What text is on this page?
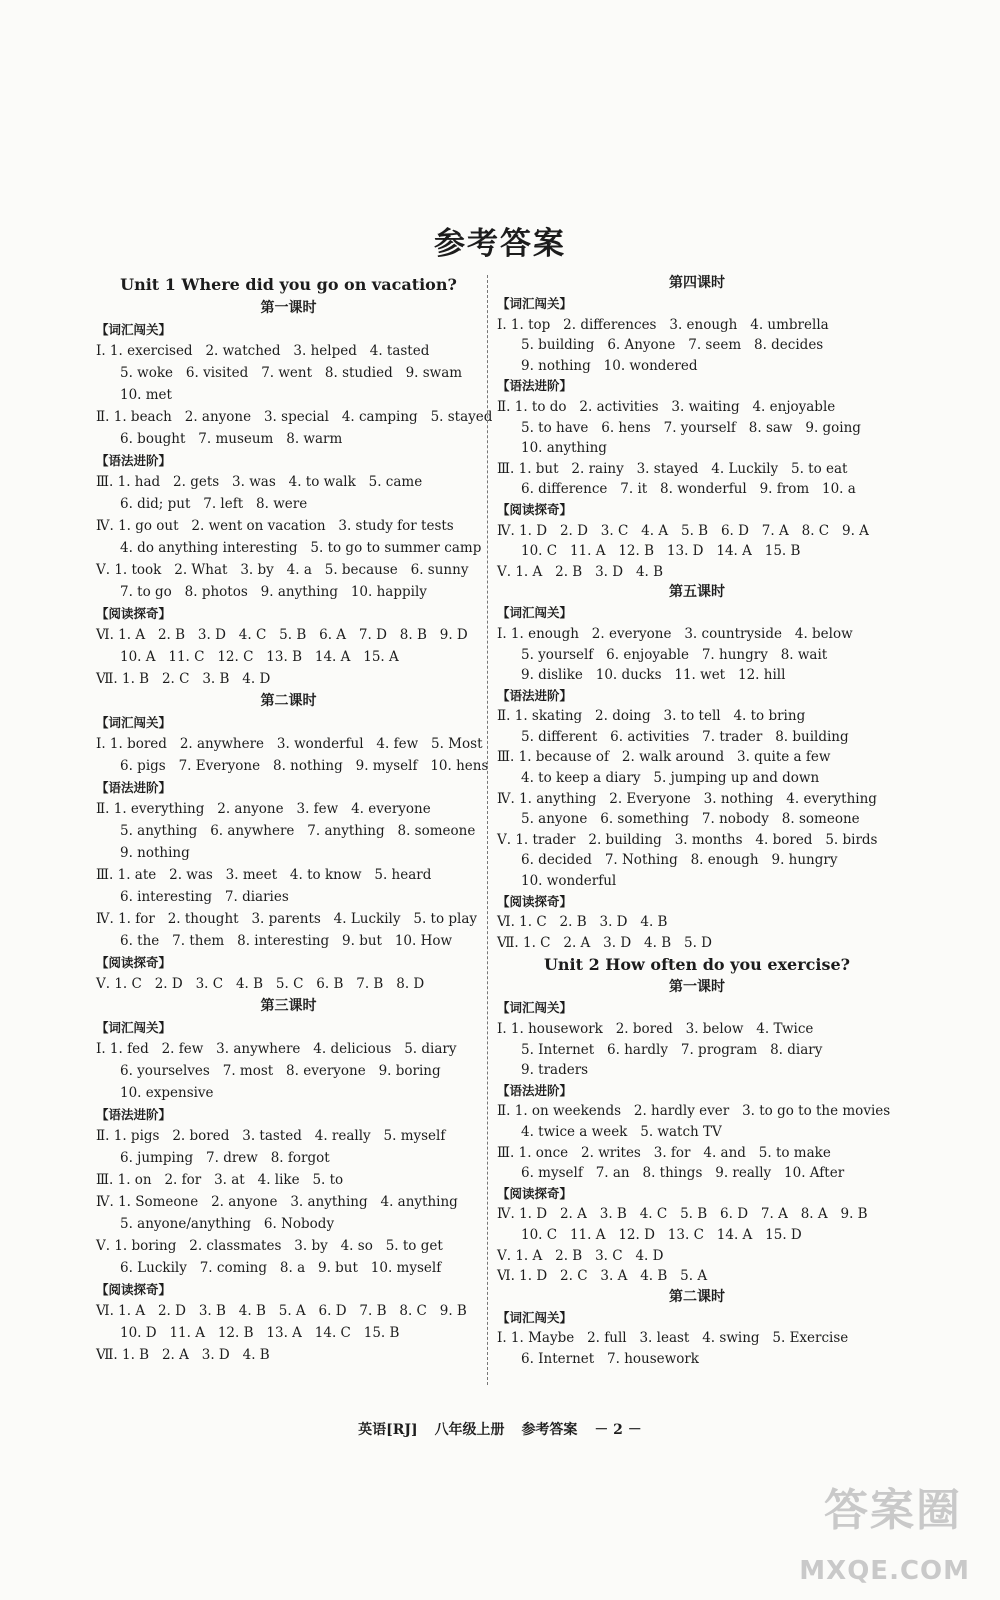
参考答案
Unit 1 Where did you go on vacation?
第一课时
【词汇闯关】
Ⅰ. 1. exercised   2. watched   3. helped   4. tasted
5. woke   6. visited   7. went   8. studied   9. swam
10. met
Ⅱ. 1. beach   2. anyone   3. special   4. camping   5. stayed
6. bought   7. museum   8. warm
【语法进阶】
Ⅲ. 1. had   2. gets   3. was   4. to walk   5. came
6. did; put   7. left   8. were
Ⅳ. 1. go out   2. went on vacation   3. study for tests
4. do anything interesting   5. to go to summer camp
Ⅴ. 1. took   2. What   3. by   4. a   5. because   6. sunny
7. to go   8. photos   9. anything   10. happily
【阅读探奇】
Ⅵ. 1. A   2. B   3. D   4. C   5. B   6. A   7. D   8. B   9. D
10. A   11. C   12. C   13. B   14. A   15. A
Ⅶ. 1. B   2. C   3. B   4. D
第二课时
【词汇闯关】
Ⅰ. 1. bored   2. anywhere   3. wonderful   4. few   5. Most
6. pigs   7. Everyone   8. nothing   9. myself   10. hens
【语法进阶】
Ⅱ. 1. everything   2. anyone   3. few   4. everyone
5. anything   6. anywhere   7. anything   8. someone
9. nothing
Ⅲ. 1. ate   2. was   3. meet   4. to know   5. heard
6. interesting   7. diaries
Ⅳ. 1. for   2. thought   3. parents   4. Luckily   5. to play
6. the   7. them   8. interesting   9. but   10. How
【阅读探奇】
Ⅴ. 1. C   2. D   3. C   4. B   5. C   6. B   7. B   8. D
第三课时
【词汇闯关】
Ⅰ. 1. fed   2. few   3. anywhere   4. delicious   5. diary
6. yourselves   7. most   8. everyone   9. boring
10. expensive
【语法进阶】
Ⅱ. 1. pigs   2. bored   3. tasted   4. really   5. myself
6. jumping   7. drew   8. forgot
Ⅲ. 1. on   2. for   3. at   4. like   5. to
Ⅳ. 1. Someone   2. anyone   3. anything   4. anything
5. anyone/anything   6. Nobody
Ⅴ. 1. boring   2. classmates   3. by   4. so   5. to get
6. Luckily   7. coming   8. a   9. but   10. myself
【阅读探奇】
Ⅵ. 1. A   2. D   3. B   4. B   5. A   6. D   7. B   8. C   9. B
10. D   11. A   12. B   13. A   14. C   15. B
Ⅶ. 1. B   2. A   3. D   4. B
第四课时
【词汇闯关】
Ⅰ. 1. top   2. differences   3. enough   4. umbrella
5. building   6. Anyone   7. seem   8. decides
9. nothing   10. wondered
【语法进阶】
Ⅱ. 1. to do   2. activities   3. waiting   4. enjoyable
5. to have   6. hens   7. yourself   8. saw   9. going
10. anything
Ⅲ. 1. but   2. rainy   3. stayed   4. Luckily   5. to eat
6. difference   7. it   8. wonderful   9. from   10. a
【阅读探奇】
Ⅳ. 1. D   2. D   3. C   4. A   5. B   6. D   7. A   8. C   9. A
10. C   11. A   12. B   13. D   14. A   15. B
Ⅴ. 1. A   2. B   3. D   4. B
第五课时
【词汇闯关】
Ⅰ. 1. enough   2. everyone   3. countryside   4. below
5. yourself   6. enjoyable   7. hungry   8. wait
9. dislike   10. ducks   11. wet   12. hill
【语法进阶】
Ⅱ. 1. skating   2. doing   3. to tell   4. to bring
5. different   6. activities   7. trader   8. building
Ⅲ. 1. because of   2. walk around   3. quite a few
4. to keep a diary   5. jumping up and down
Ⅳ. 1. anything   2. Everyone   3. nothing   4. everything
5. anyone   6. something   7. nobody   8. someone
Ⅴ. 1. trader   2. building   3. months   4. bored   5. birds
6. decided   7. Nothing   8. enough   9. hungry
10. wonderful
【阅读探奇】
Ⅵ. 1. C   2. B   3. D   4. B
Ⅶ. 1. C   2. A   3. D   4. B   5. D
Unit 2 How often do you exercise?
第一课时
【词汇闯关】
Ⅰ. 1. housework   2. bored   3. below   4. Twice
5. Internet   6. hardly   7. program   8. diary
9. traders
【语法进阶】
Ⅱ. 1. on weekends   2. hardly ever   3. to go to the movies
4. twice a week   5. watch TV
Ⅲ. 1. once   2. writes   3. for   4. and   5. to make
6. myself   7. an   8. things   9. really   10. After
【阅读探奇】
Ⅳ. 1. D   2. A   3. B   4. C   5. B   6. D   7. A   8. A   9. B
10. C   11. A   12. D   13. C   14. A   15. D
Ⅴ. 1. A   2. B   3. C   4. D
Ⅵ. 1. D   2. C   3. A   4. B   5. A
第二课时
【词汇闯关】
Ⅰ. 1. Maybe   2. full   3. least   4. swing   5. Exercise
6. Internet   7. housework
英语[RJ] 八年级上册 参考答案 － 2 －
答案圈
MXQE.COM
